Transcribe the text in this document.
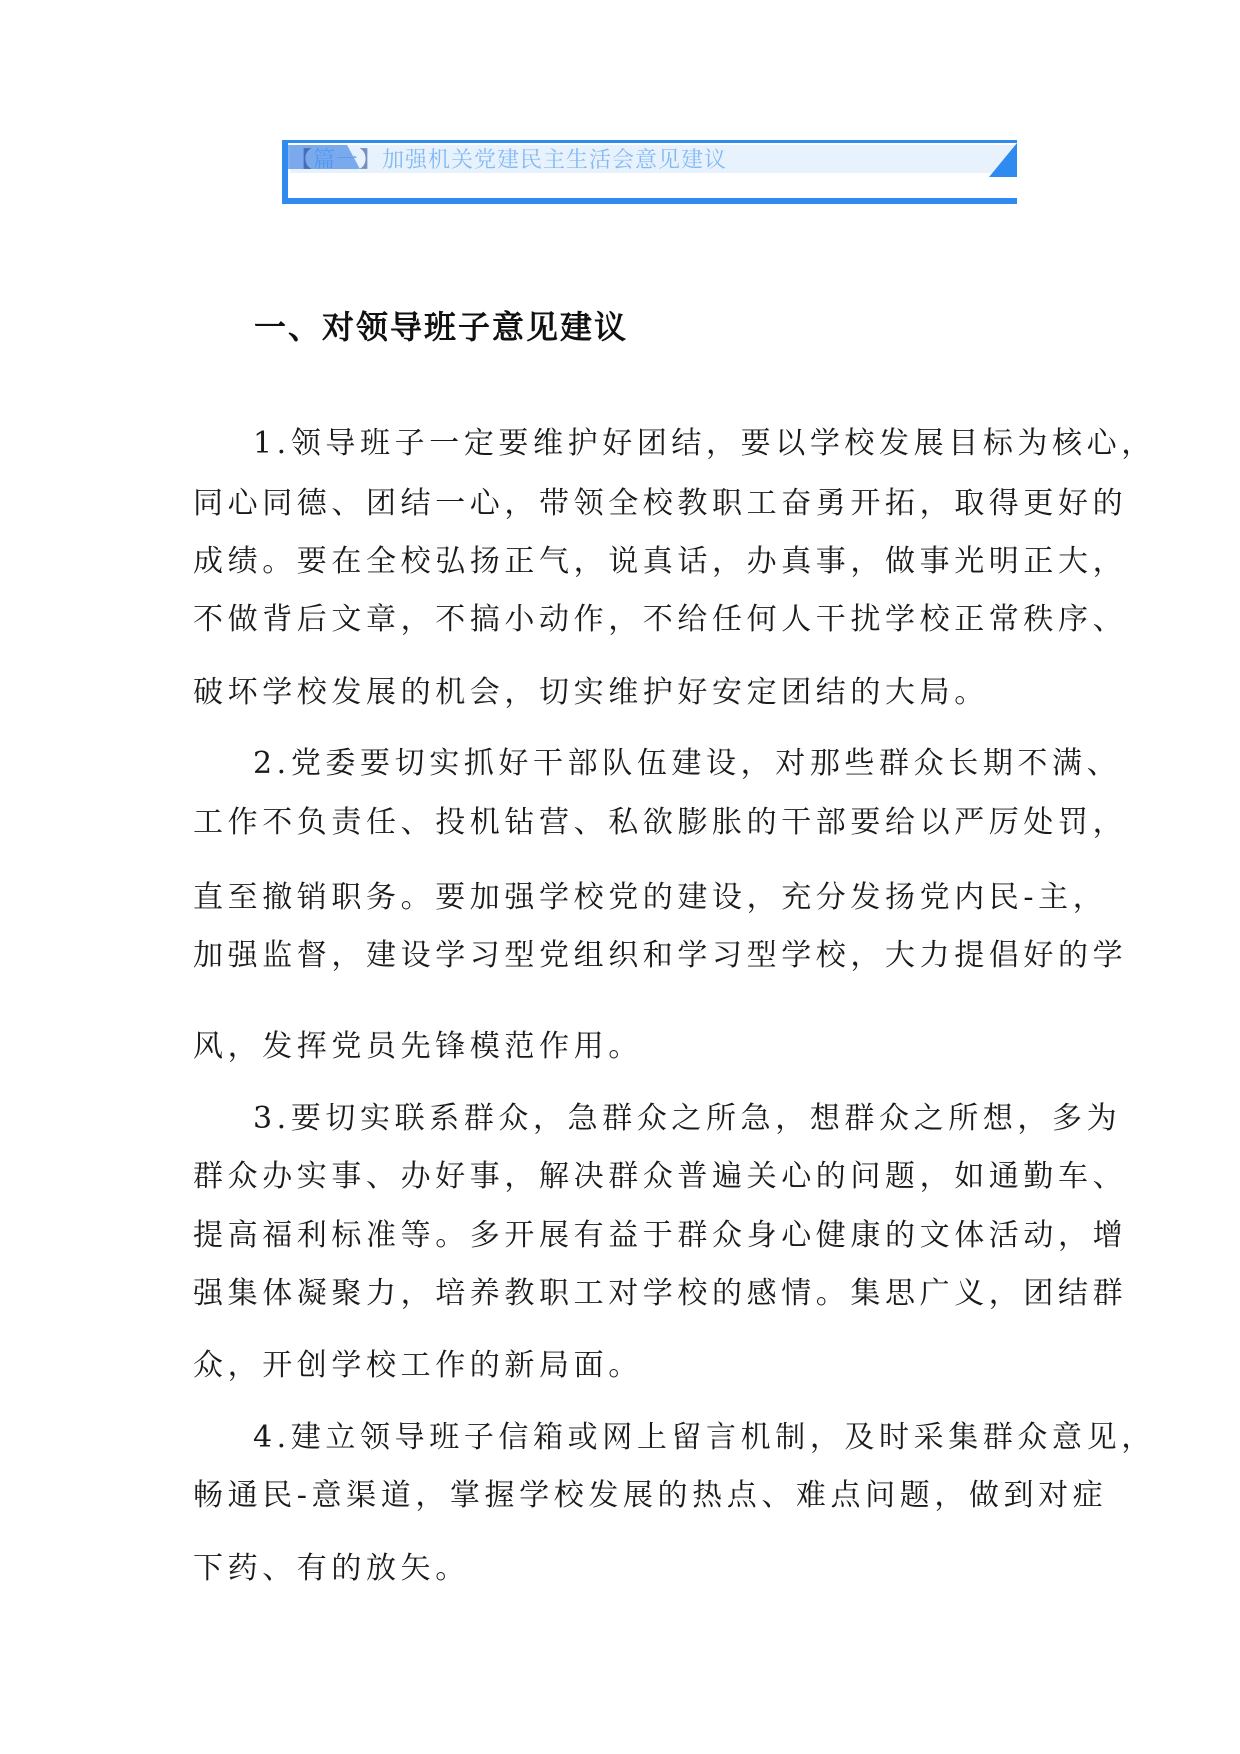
【篇一】加强机关党建民主生活会意见建议
一、对领导班子意见建议
1.领导班子一定要维护好团结，要以学校发展目标为核心，
同心同德、团结一心，带领全校教职工奋勇开拓，取得更好的
成绩。要在全校弘扬正气，说真话，办真事，做事光明正大，
不做背后文章，不搞小动作，不给任何人干扰学校正常秩序、
破坏学校发展的机会，切实维护好安定团结的大局。
2.党委要切实抓好干部队伍建设，对那些群众长期不满、
工作不负责任、投机钻营、私欲膨胀的干部要给以严厉处罚，
直至撤销职务。要加强学校党的建设，充分发扬党内民-主，
加强监督，建设学习型党组织和学习型学校，大力提倡好的学
风，发挥党员先锋模范作用。
3.要切实联系群众，急群众之所急，想群众之所想，多为
群众办实事、办好事，解决群众普遍关心的问题，如通勤车、
提高福利标准等。多开展有益于群众身心健康的文体活动，增
强集体凝聚力，培养教职工对学校的感情。集思广义，团结群
众，开创学校工作的新局面。
4.建立领导班子信箱或网上留言机制，及时采集群众意见，
畅通民-意渠道，掌握学校发展的热点、难点问题，做到对症
下药、有的放矢。
